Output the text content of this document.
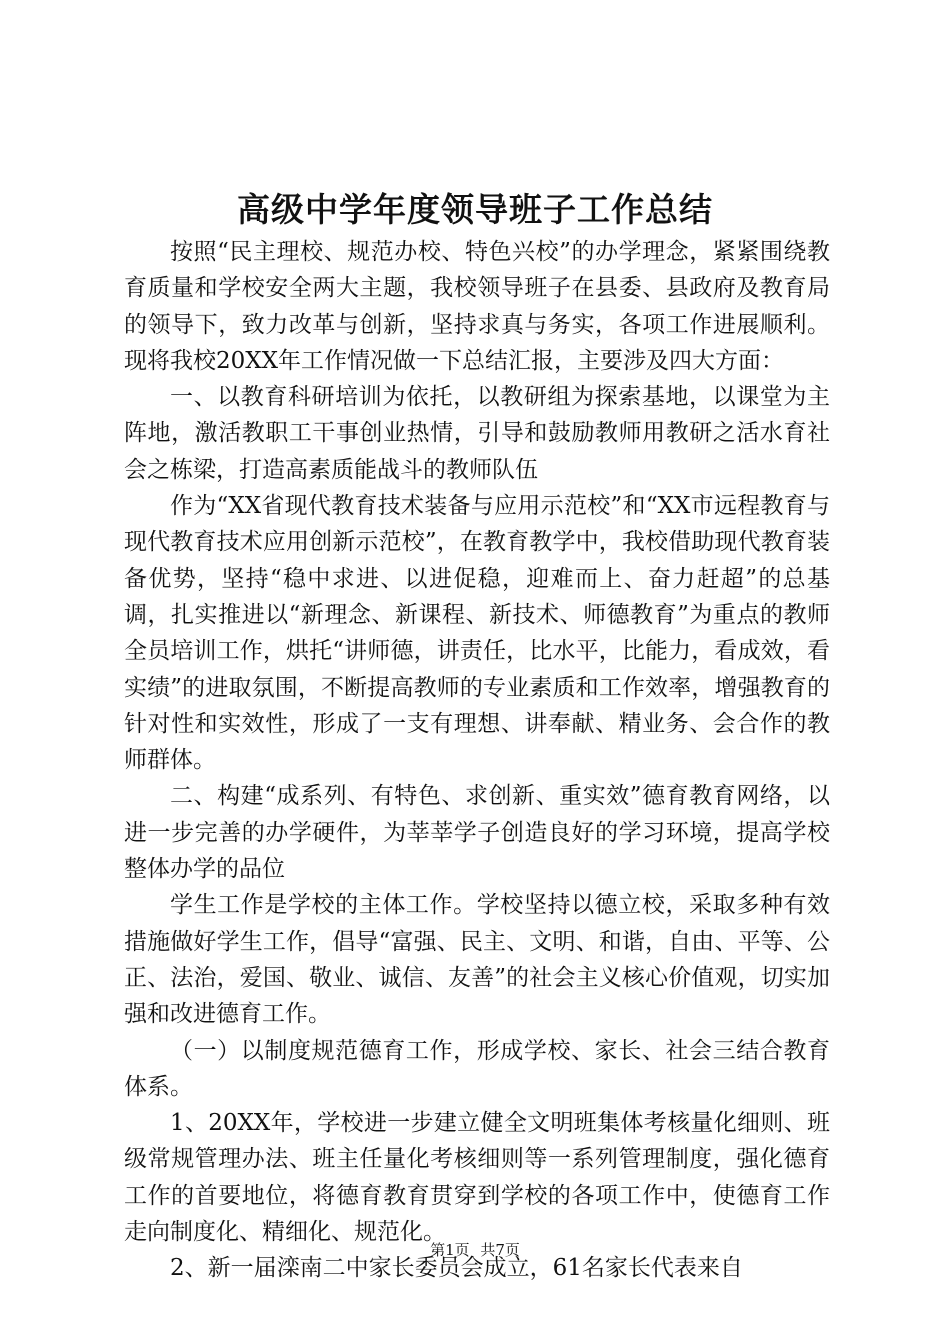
高级中学年度领导班子工作总结

按照“民主理校、规范办校、特色兴校”的办学理念，紧紧围绕教育质量和学校安全两大主题，我校领导班子在县委、县政府及教育局的领导下，致力改革与创新，坚持求真与务实，各项工作进展顺利。现将我校20XX年工作情况做一下总结汇报，主要涉及四大方面：

一、以教育科研培训为依托，以教研组为探索基地，以课堂为主阵地，激活教职工干事创业热情，引导和鼓励教师用教研之活水育社会之栋梁，打造高素质能战斗的教师队伍

作为“XX省现代教育技术装备与应用示范校”和“XX市远程教育与现代教育技术应用创新示范校”，在教育教学中，我校借助现代教育装备优势，坚持“稳中求进、以进促稳，迎难而上、奋力赶超”的总基调，扎实推进以“新理念、新课程、新技术、师德教育”为重点的教师全员培训工作，烘托“讲师德，讲责任，比水平，比能力，看成效，看实绩”的进取氛围，不断提高教师的专业素质和工作效率，增强教育的针对性和实效性，形成了一支有理想、讲奉献、精业务、会合作的教师群体。

二、构建“成系列、有特色、求创新、重实效”德育教育网络，以进一步完善的办学硬件，为莘莘学子创造良好的学习环境，提高学校整体办学的品位

学生工作是学校的主体工作。学校坚持以德立校，采取多种有效措施做好学生工作，倡导“富强、民主、文明、和谐，自由、平等、公正、法治，爱国、敬业、诚信、友善”的社会主义核心价值观，切实加强和改进德育工作。

（一）以制度规范德育工作，形成学校、家长、社会三结合教育体系。

1、20XX年，学校进一步建立健全文明班集体考核量化细则、班级常规管理办法、班主任量化考核细则等一系列管理制度，强化德育工作的首要地位，将德育教育贯穿到学校的各项工作中，使德育工作走向制度化、精细化、规范化。

2、新一届滦南二中家长委员会成立，61名家长代表来自

第1页 共7页
